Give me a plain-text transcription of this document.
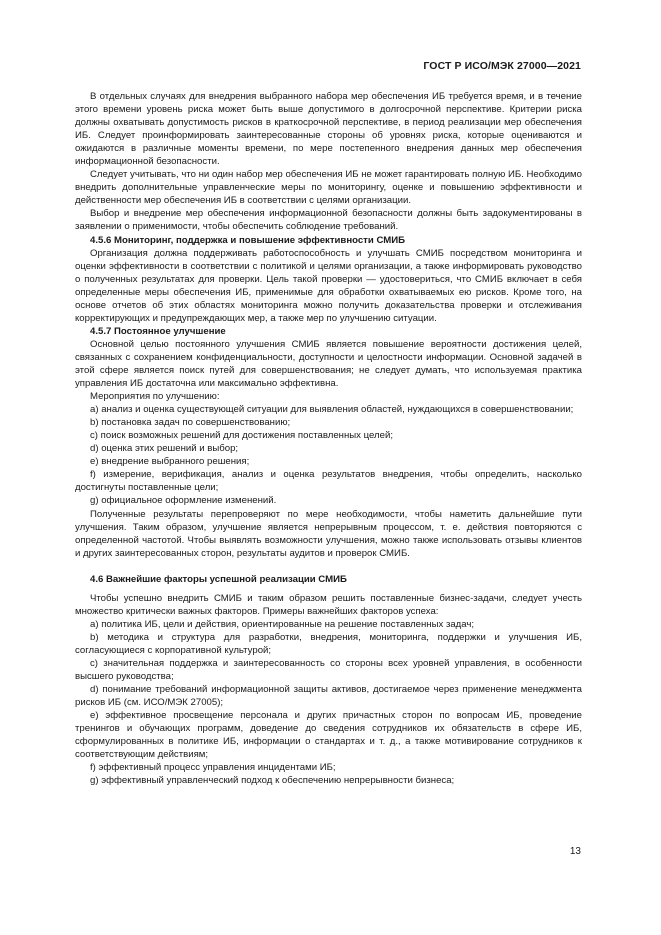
ГОСТ Р ИСО/МЭК 27000—2021

В отдельных случаях для внедрения выбранного набора мер обеспечения ИБ требуется время, и в течение этого времени уровень риска может быть выше допустимого в долгосрочной перспективе. Критерии риска должны охватывать допустимость рисков в краткосрочной перспективе, в период реализации мер обеспечения ИБ. Следует проинформировать заинтересованные стороны об уровнях риска, которые оцениваются и ожидаются в различные моменты времени, по мере постепенного внедрения данных мер обеспечения информационной безопасности.

Следует учитывать, что ни один набор мер обеспечения ИБ не может гарантировать полную ИБ. Необходимо внедрить дополнительные управленческие меры по мониторингу, оценке и повышению эффективности и действенности мер обеспечения ИБ в соответствии с целями организации.

Выбор и внедрение мер обеспечения информационной безопасности должны быть задокументированы в заявлении о применимости, чтобы обеспечить соблюдение требований.

4.5.6 Мониторинг, поддержка и повышение эффективности СМИБ

Организация должна поддерживать работоспособность и улучшать СМИБ посредством мониторинга и оценки эффективности в соответствии с политикой и целями организации, а также информировать руководство о полученных результатах для проверки. Цель такой проверки — удостовериться, что СМИБ включает в себя определенные меры обеспечения ИБ, применимые для обработки охватываемых ею рисков. Кроме того, на основе отчетов об этих областях мониторинга можно получить доказательства проверки и отслеживания корректирующих и предупреждающих мер, а также мер по улучшению ситуации.

4.5.7 Постоянное улучшение

Основной целью постоянного улучшения СМИБ является повышение вероятности достижения целей, связанных с сохранением конфиденциальности, доступности и целостности информации. Основной задачей в этой сфере является поиск путей для совершенствования; не следует думать, что используемая практика управления ИБ достаточна или максимально эффективна.

Мероприятия по улучшению:

a) анализ и оценка существующей ситуации для выявления областей, нуждающихся в совершенствовании;

b) постановка задач по совершенствованию;

c) поиск возможных решений для достижения поставленных целей;

d) оценка этих решений и выбор;

e) внедрение выбранного решения;

f) измерение, верификация, анализ и оценка результатов внедрения, чтобы определить, насколько достигнуты поставленные цели;

g) официальное оформление изменений.

Полученные результаты перепроверяют по мере необходимости, чтобы наметить дальнейшие пути улучшения. Таким образом, улучшение является непрерывным процессом, т. е. действия повторяются с определенной частотой. Чтобы выявлять возможности улучшения, можно также использовать отзывы клиентов и других заинтересованных сторон, результаты аудитов и проверок СМИБ.

4.6 Важнейшие факторы успешной реализации СМИБ

Чтобы успешно внедрить СМИБ и таким образом решить поставленные бизнес-задачи, следует учесть множество критически важных факторов. Примеры важнейших факторов успеха:

a) политика ИБ, цели и действия, ориентированные на решение поставленных задач;

b) методика и структура для разработки, внедрения, мониторинга, поддержки и улучшения ИБ, согласующиеся с корпоративной культурой;

c) значительная поддержка и заинтересованность со стороны всех уровней управления, в особенности высшего руководства;

d) понимание требований информационной защиты активов, достигаемое через применение менеджмента рисков ИБ (см. ИСО/МЭК 27005);

e) эффективное просвещение персонала и других причастных сторон по вопросам ИБ, проведение тренингов и обучающих программ, доведение до сведения сотрудников их обязательств в сфере ИБ, сформулированных в политике ИБ, информации о стандартах и т. д., а также мотивирование сотрудников к соответствующим действиям;

f) эффективный процесс управления инцидентами ИБ;

g) эффективный управленческий подход к обеспечению непрерывности бизнеса;

13
